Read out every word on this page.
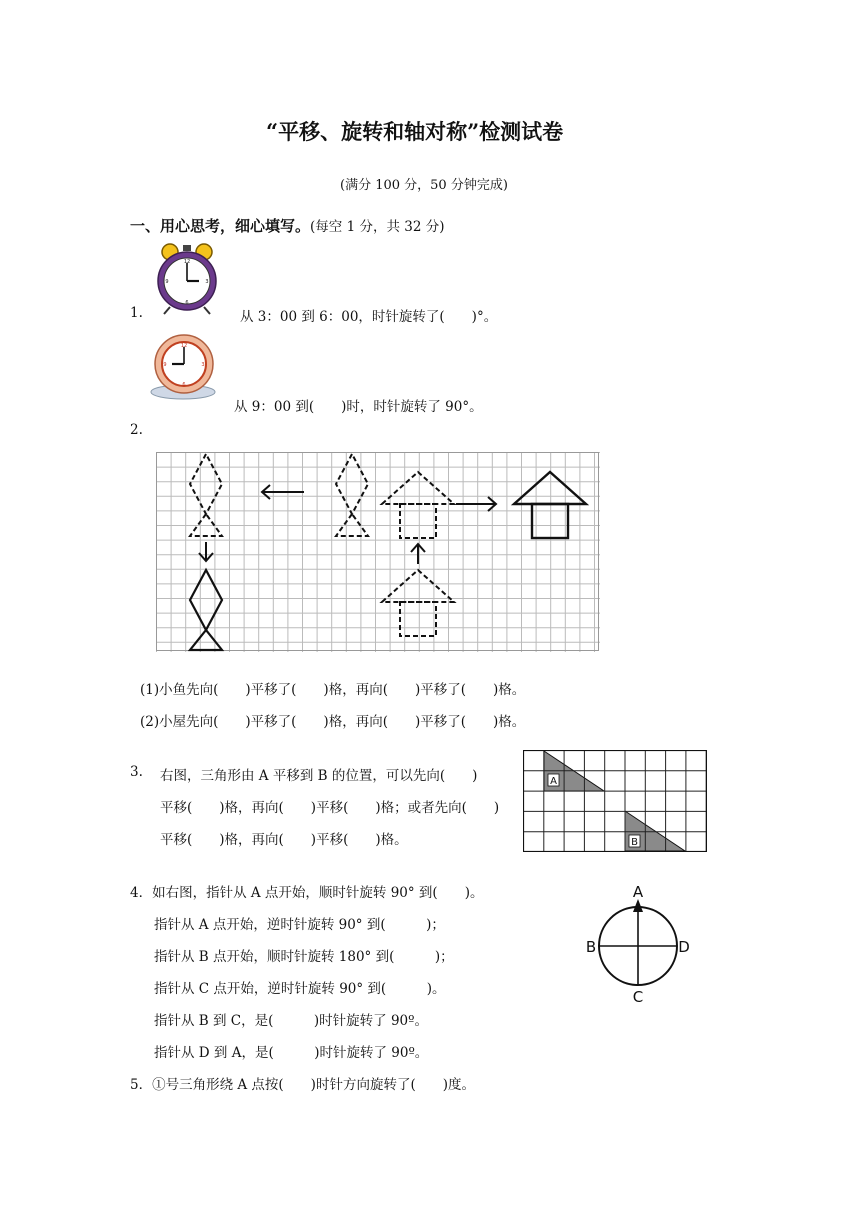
“平移、旋转和轴对称”检测试卷
(满分 100 分，50 分钟完成)
一、用心思考，细心填写。(每空 1 分，共 32 分)
12
6
3
9
1.	从 3：00 到 6：00，时针旋转了(　　)°。
12
6
3
9
从 9：00 到(　　)时，时针旋转了 90°。
2.
(1)小鱼先向(　　)平移了(　　)格，再向(　　)平移了(　　)格。
(2)小屋先向(　　)平移了(　　)格，再向(　　)平移了(　　)格。
3. 右图，三角形由 A 平移到 B 的位置，可以先向(　　)
平移(　　)格，再向(　　)平移(　　)格；或者先向(　　)
平移(　　)格，再向(　　)平移(　　)格。
A
B
4．如右图，指针从 A 点开始，顺时针旋转 90° 到(　　)。
指针从 A 点开始，逆时针旋转 90° 到(　　　)；
指针从 B 点开始，顺时针旋转 180° 到(　　　)；
指针从 C 点开始，逆时针旋转 90° 到(　　　)。
指针从 B 到 C，是(　　　)时针旋转了 90º。
指针从 D 到 A，是(　　　)时针旋转了 90º。
A
B	D
C
5．①号三角形绕 A 点按(　　)时针方向旋转了(　　)度。
